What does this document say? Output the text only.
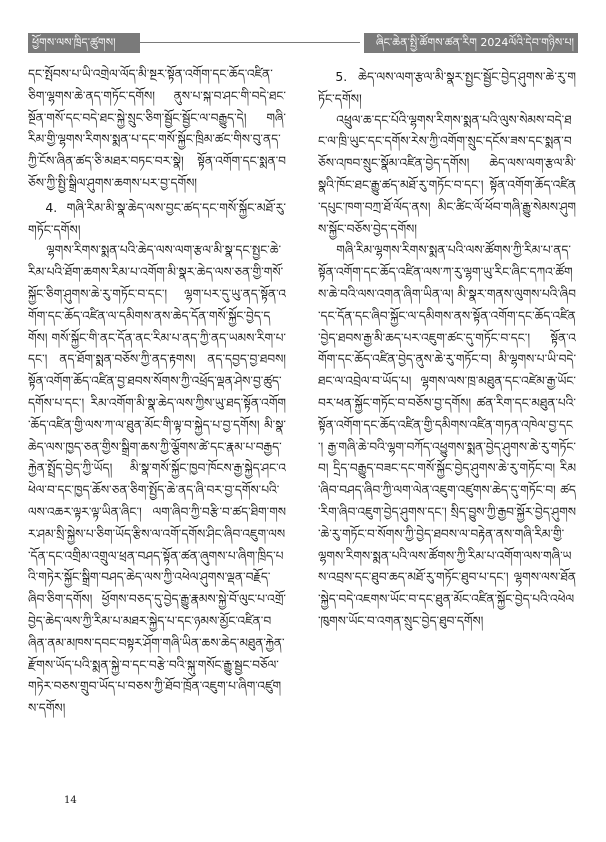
ཕྱོགས་ལས་ཁྲིད་ཚུགས།	ཞིང་ཆེན་སྤྱི་ཚོགས་ཚན་རིག 2024ལོའི་དེབ་གཉིས་པ།

དང་སྤོབས་པ་ཡི་འགྲེལ་ལོད་མི་སྔར་སྟོན་འགོག་དང་ཆོད་འཛིན་ཅིག་ལྷགས་ཆེ་ནད་གཏོང་དགོས། ནུས་པ་སྐ་བ་ཤང་གི་བདེ་ཐང་སྔོན་གསོ་དང་བདེ་ཐང་སྐྱེ་སྲུང་ཅིག་སྦྱོང་སྦྱོང་ལ་བརྒྱུད་དེ། གཞི་རིམ་གྱི་ལྷགས་རིགས་སྨན་པ་དང་གསོ་སྐྱོང་ཁྲིམ་ཚང་གིས་བུ་ནད་ཀྱི་ངོས་ཞིན་ཚད་ཅི་མཐར་བཏང་བར་སྣེ། སྟོན་འགོག་དང་སྨན་བཅོས་ཀྱི་སྤྱི་སྒྲིལ་ཤུགས་ཆགས་པར་བྱ་དགོས།

4. གཞི་རིམ་མི་སྣ་ཆེད་ལས་བྱང་ཚད་དང་གསོ་སྐྱོང་མཐོ་རུ་གཏོང་དགོས།

ལྷགས་རིགས་སྨན་པའི་ཆེད་ལས་ལག་རྩལ་མི་སྣ་དང་སྤྱང་ཆེ་རིམ་པའི་ཐོག་ཆགས་རིམ་པ་འགོག་མི་སྣར་ཆེད་ལས་ཅན་གྱི་གསོ་སྐྱོང་ཅིག་ཤུགས་ཆེ་རུ་གཏོང་བ་དང་། ལྷག་པར་དུ་ཡུ་ནད་སྟོན་འགོག་དང་ཆོད་འཛིན་ལ་དམིགས་ནས་ཆེད་དོན་གསོ་སྐྱོང་བྱེད་དགོས། གསོ་སྐྱོང་གི་ནང་དོན་ནང་རིམ་པ་ནད་ཀྱི་ནད་ཡམས་རིག་པ་དང་། ནད་ཐོག་སྨན་བཅོས་ཀྱི་ནད་རྟགས། ནད་དབྱད་བྱ་ཐབས། སྟོན་འགོག་ཆོད་འཛིན་བྱ་ཐབས་སོགས་ཀྱི་འཕྲོད་ལྡན་ཤེས་བྱ་ཚུད་དགོས་པ་དང་། རིམ་འགོག་མི་སྣ་ཆེད་ལས་ཀྱིས་ཡུ་ཐད་སྟོན་འགོག་ཆོད་འཛིན་གྱི་ལས་ཀ་ལ་ཐུན་མོང་གི་ལྟ་བ་སྐྱེད་པ་བྱ་དགོས། མི་སྣ་ཆེད་ལས་ཁྱད་ཅན་གྱིས་སྒྲིག་ཆས་ཀྱི་ལྕོགས་ཚེ་དང་རྣམ་པ་བརྒྱད་རྐྱེན་སྤྲོད་བྱེད་ཀྱི་ཡོད། མི་སྣ་གསོ་སྐྱོང་ཁྱབ་ཁོངས་རྒྱ་སྐྱེད་ཤང་འཕེལ་བ་དང་ཁྱད་ཆོས་ཅན་ཅིག་སྤྱོད་ཆེ་ནད་ཞི་བར་བྱ་དགོས་པའི་ལས་འཆར་ལྟར་ལྟ་ཡིན་ཞིང་། ལག་ཞིབ་ཀྱི་བརྩི་བ་ཚད་ཐིག་གསར་ཤམ་སྲི་སྐྱེས་པ་ཅིག་ཡོད་རྩིས་ལ་འགོ་དགོས་ཤིང་ཞིབ་འཇུག་ལས་དོན་དང་འགྲིམ་འགྲུལ་ཕྲན་བཤད་སྟོན་ཚན་ཞུགས་པ་ཞིག་ཁྲིད་པའི་གཏེར་སྐྱོང་སྒྲིག་བཤད་ཆེད་ལས་ཀྱི་འཕེལ་ཤུགས་ལྡན་བརྗོད་ཞིབ་ཅིག་དགོས། ཕྱོགས་བཅད་དུ་བྱེད་རྒྱུ་རྣམས་སྐྱེ་བོ་ལུང་པ་འགྲོ་བྱེད་ཆེད་ལས་ཀྱི་རིམ་པ་མཐར་སྐྱེད་པ་དང་ཉམས་མྱོང་འཛིན་བཞིན་ནམ་མཁས་དབང་བསྟར་ཤོག་གཞི་ཡིན་ཆས་ཆེད་མཐུན་རྐྱེན་རྫོགས་ཡོད་པའི་སྨན་སྐྱེ་བ་དང་བརྩེ་བའི་སྐུ་གསོང་རྒྱུ་སྦྱང་བཅོལ་གཏེར་བཅས་གྲུབ་ཡོད་པ་བཅས་ཀྱི་ཐོབ་ཁྲོན་འཇུག་པ་ཞིག་འཛུགས་དགོས།

5. ཆེད་ལས་ལག་རྩལ་མི་སྣར་སྤྱང་སྦྱོང་བྱེད་ཤུགས་ཆེ་རུ་གཏོང་དགོས།

འཕྲུལ་ཆ་དང་པོའི་ལྷགས་རིགས་སྨན་པའི་ལུས་སེམས་བདེ་ཐང་ལ་ཁྲི་ཡུང་དང་དགོས་རེས་ཀྱི་འགོག་སྲུང་དངོས་ཟས་དང་སྨན་བཅོས་འཁབ་སྲུང་སྣོམ་འཛིན་བྱེད་དགོས། ཆེད་ལས་ལག་རྩལ་མི་སྣའི་ཁོང་ཐང་རྒྱུ་ཚད་མཐོ་རུ་གཏོང་བ་དང་། སྟོན་འགོག་ཆོད་འཛིན་དཔུང་ཁག་བཀྲ་ཐོ་ལོད་ནས། མིང་ཚིང་ལོ་ཕོབ་གཞི་རྒྱུ་སེམས་ཤུགས་སྐྱོང་བཅོས་བྱེད་དགོས།

གཞི་རིམ་ལྷགས་རིགས་སྨན་པའི་ལས་ཚོགས་ཀྱི་རིམ་པ་ནད་སྟོན་འགོག་དང་ཆོད་འཛིན་ལས་ཀ་རུ་ལྷག་ཡུ་རིང་ཞིང་དཀའ་ཚོགས་ཆེ་བའི་ལས་འགན་ཞིག་ཡིན་ལ། མི་སྣར་གནས་ལུགས་པའི་ཞིབ་དང་དོན་དང་ཞིབ་སྐྱོང་ལ་དམིགས་ནས་སྟོན་འགོག་དང་ཆོད་འཛིན་བྱེད་ཐབས་རྒྱ་མི་ཆད་པར་འཇུག་ཚང་དུ་གཏོང་བ་དང་། སྟོན་འགོག་དང་ཆོད་འཛིན་བྱེད་ནུས་ཆེ་རུ་གཏོང་བ། མི་ལྷགས་པ་ཡི་བདེ་ཐང་ལ་འབྲེལ་བ་ཡོད་པ། ལྷགས་ལས་ཁྲ་མཐུན་དང་འཛེམ་རྒྱ་ཡོང་བར་ཕན་སྐྱོང་གཏོང་བ་བཅོས་བྱ་དགོས། ཚན་རིག་དང་མཐུན་པའི་སྟོན་འགོག་དང་ཆོད་འཛིན་གྱི་དམིགས་འཛིན་གཏན་འཁེལ་བྱ་དང་། རྒྱ་གཞི་ཆེ་བའི་ལྷག་བཀོད་འཕྱུགས་སྨན་བྱེད་ཤུགས་ཆེ་རུ་གཏོང་བ། དྲིད་བརྒྱུད་བཟང་དང་གསོ་སྐྱོང་བྱེད་ཤུགས་ཆེ་རུ་གཏོང་བ། རིམ་ཞིབ་བཤད་ཞིབ་ཀྱི་ལག་ལེན་འཇུག་འཛུགས་ཆེད་དུ་གཏོང་བ། ཚད་རིག་ཞིབ་འཇུག་བྱེད་ཤུགས་དང་། སྲིད་བྱུས་ཀྱི་རྒྱབ་སྐྱོར་བྱེད་ཤུགས་ཆེ་རུ་གཏོང་བ་སོགས་ཀྱི་བྱེད་ཐབས་ལ་བརྟེན་ནས་གཞི་རིམ་གྱི་ལྷགས་རིགས་སྨན་པའི་ལས་ཚོགས་ཀྱི་རིམ་པ་འགོག་ལས་གཞི་ཡས་འབྲས་དང་ཐུབ་ཆད་མཐོ་རུ་གཏོང་ཐུབ་པ་དང་། ལྷགས་ལས་ཐོན་སྐྱེད་བདེ་འཇགས་ཡོང་བ་དང་ཐུན་མོང་འཛིན་སྐྱོང་བྱེད་པའི་འཕེལ་ཁུགས་ཡོང་བ་འགན་སྲུང་བྱེད་ཐུབ་དགོས།

14
